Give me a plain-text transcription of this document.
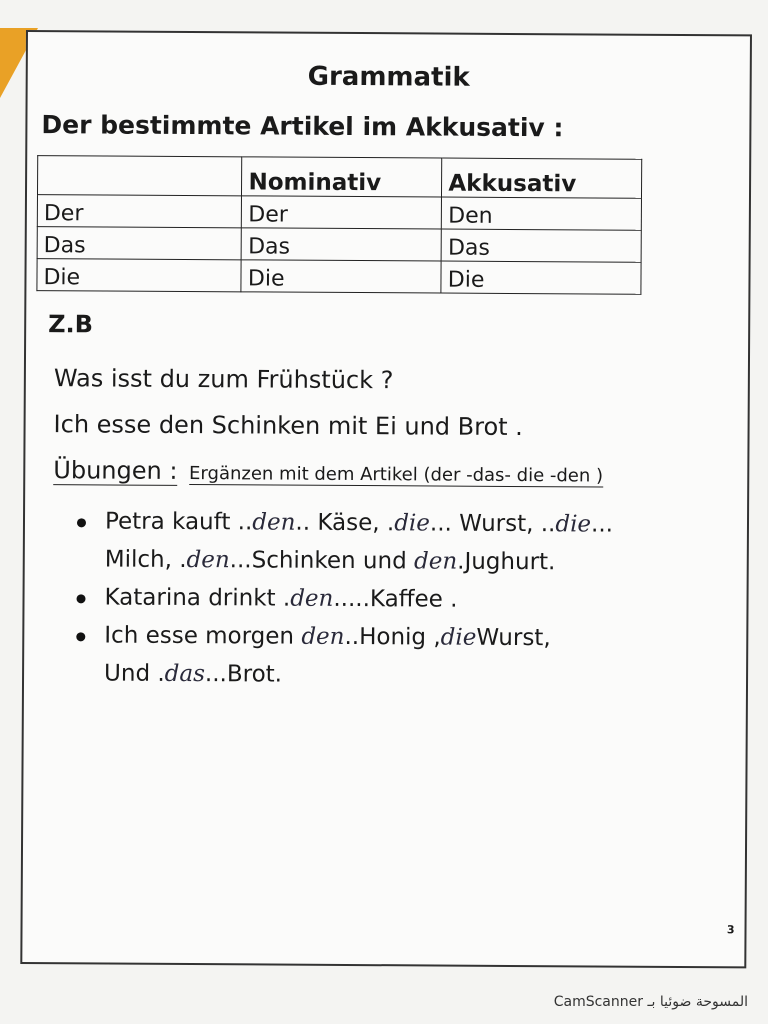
Grammatik
Der bestimmte Artikel im Akkusativ :
	Nominativ	Akkusativ
Der	Der	Den
Das	Das	Das
Die	Die	Die
Z.B
Was isst du zum Frühstück ?
Ich esse den Schinken mit Ei und Brot .
Übungen : Ergänzen mit dem Artikel (der -das- die -den )
Petra kauft ..den.. Käse, .die... Wurst, ..die...
Milch, .den...Schinken und den.Jughurt.
Katarina drinkt .den.....Kaffee .
Ich esse morgen den..Honig ,dieWurst,
Und .das...Brot.
3
CamScanner المسوحة ضوئيا بـ
